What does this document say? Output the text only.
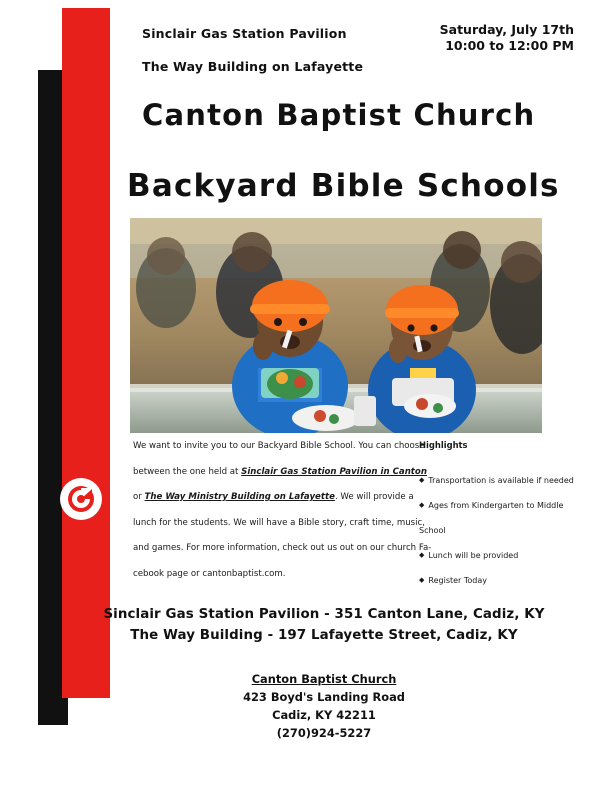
Sinclair Gas Station Pavilion
The Way Building on Lafayette
Saturday, July 17th
10:00 to 12:00 PM
Canton Baptist Church
Backyard Bible Schools
We want to invite you to our Backyard Bible School. You can choose
between the one held at Sinclair Gas Station Pavilion in Canton
or The Way Ministry Building on Lafayette. We will provide a
lunch for the students. We will have a Bible story, craft time, music,
and games. For more information, check out us out on our church Fa-
cebook page or cantonbaptist.com.
Highlights
◆ Transportation is available if needed
◆ Ages from Kindergarten to Middle
School
◆ Lunch will be provided
◆ Register Today
Sinclair Gas Station Pavilion - 351 Canton Lane, Cadiz, KY
The Way Building - 197 Lafayette Street, Cadiz, KY
Canton Baptist Church
423 Boyd's Landing Road
Cadiz, KY 42211
(270)924-5227
